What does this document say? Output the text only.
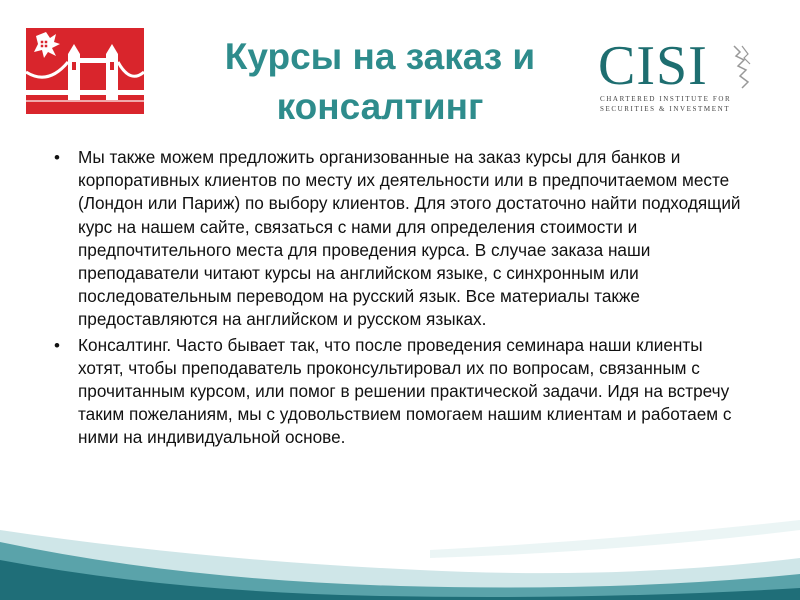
Курсы на заказ и консалтинг
CISI
CHARTERED INSTITUTE FOR
SECURITIES & INVESTMENT
• Мы также можем предложить организованные на заказ курсы для банков и корпоративных клиентов по месту их деятельности или в предпочитаемом месте (Лондон или Париж) по выбору клиентов. Для этого достаточно найти подходящий курс на нашем сайте, связаться с нами для определения стоимости и предпочтительного места для проведения курса. В случае заказа наши преподаватели читают курсы на английском языке, с синхронным или последовательным переводом на русский язык. Все материалы также предоставляются на английском и русском языках.
• Консалтинг. Часто бывает так, что после проведения семинара наши клиенты хотят, чтобы преподаватель проконсультировал их по вопросам, связанным с прочитанным курсом, или помог в решении практической задачи. Идя на встречу таким пожеланиям, мы с удовольствием помогаем нашим клиентам и работаем с ними на индивидуальной основе.
